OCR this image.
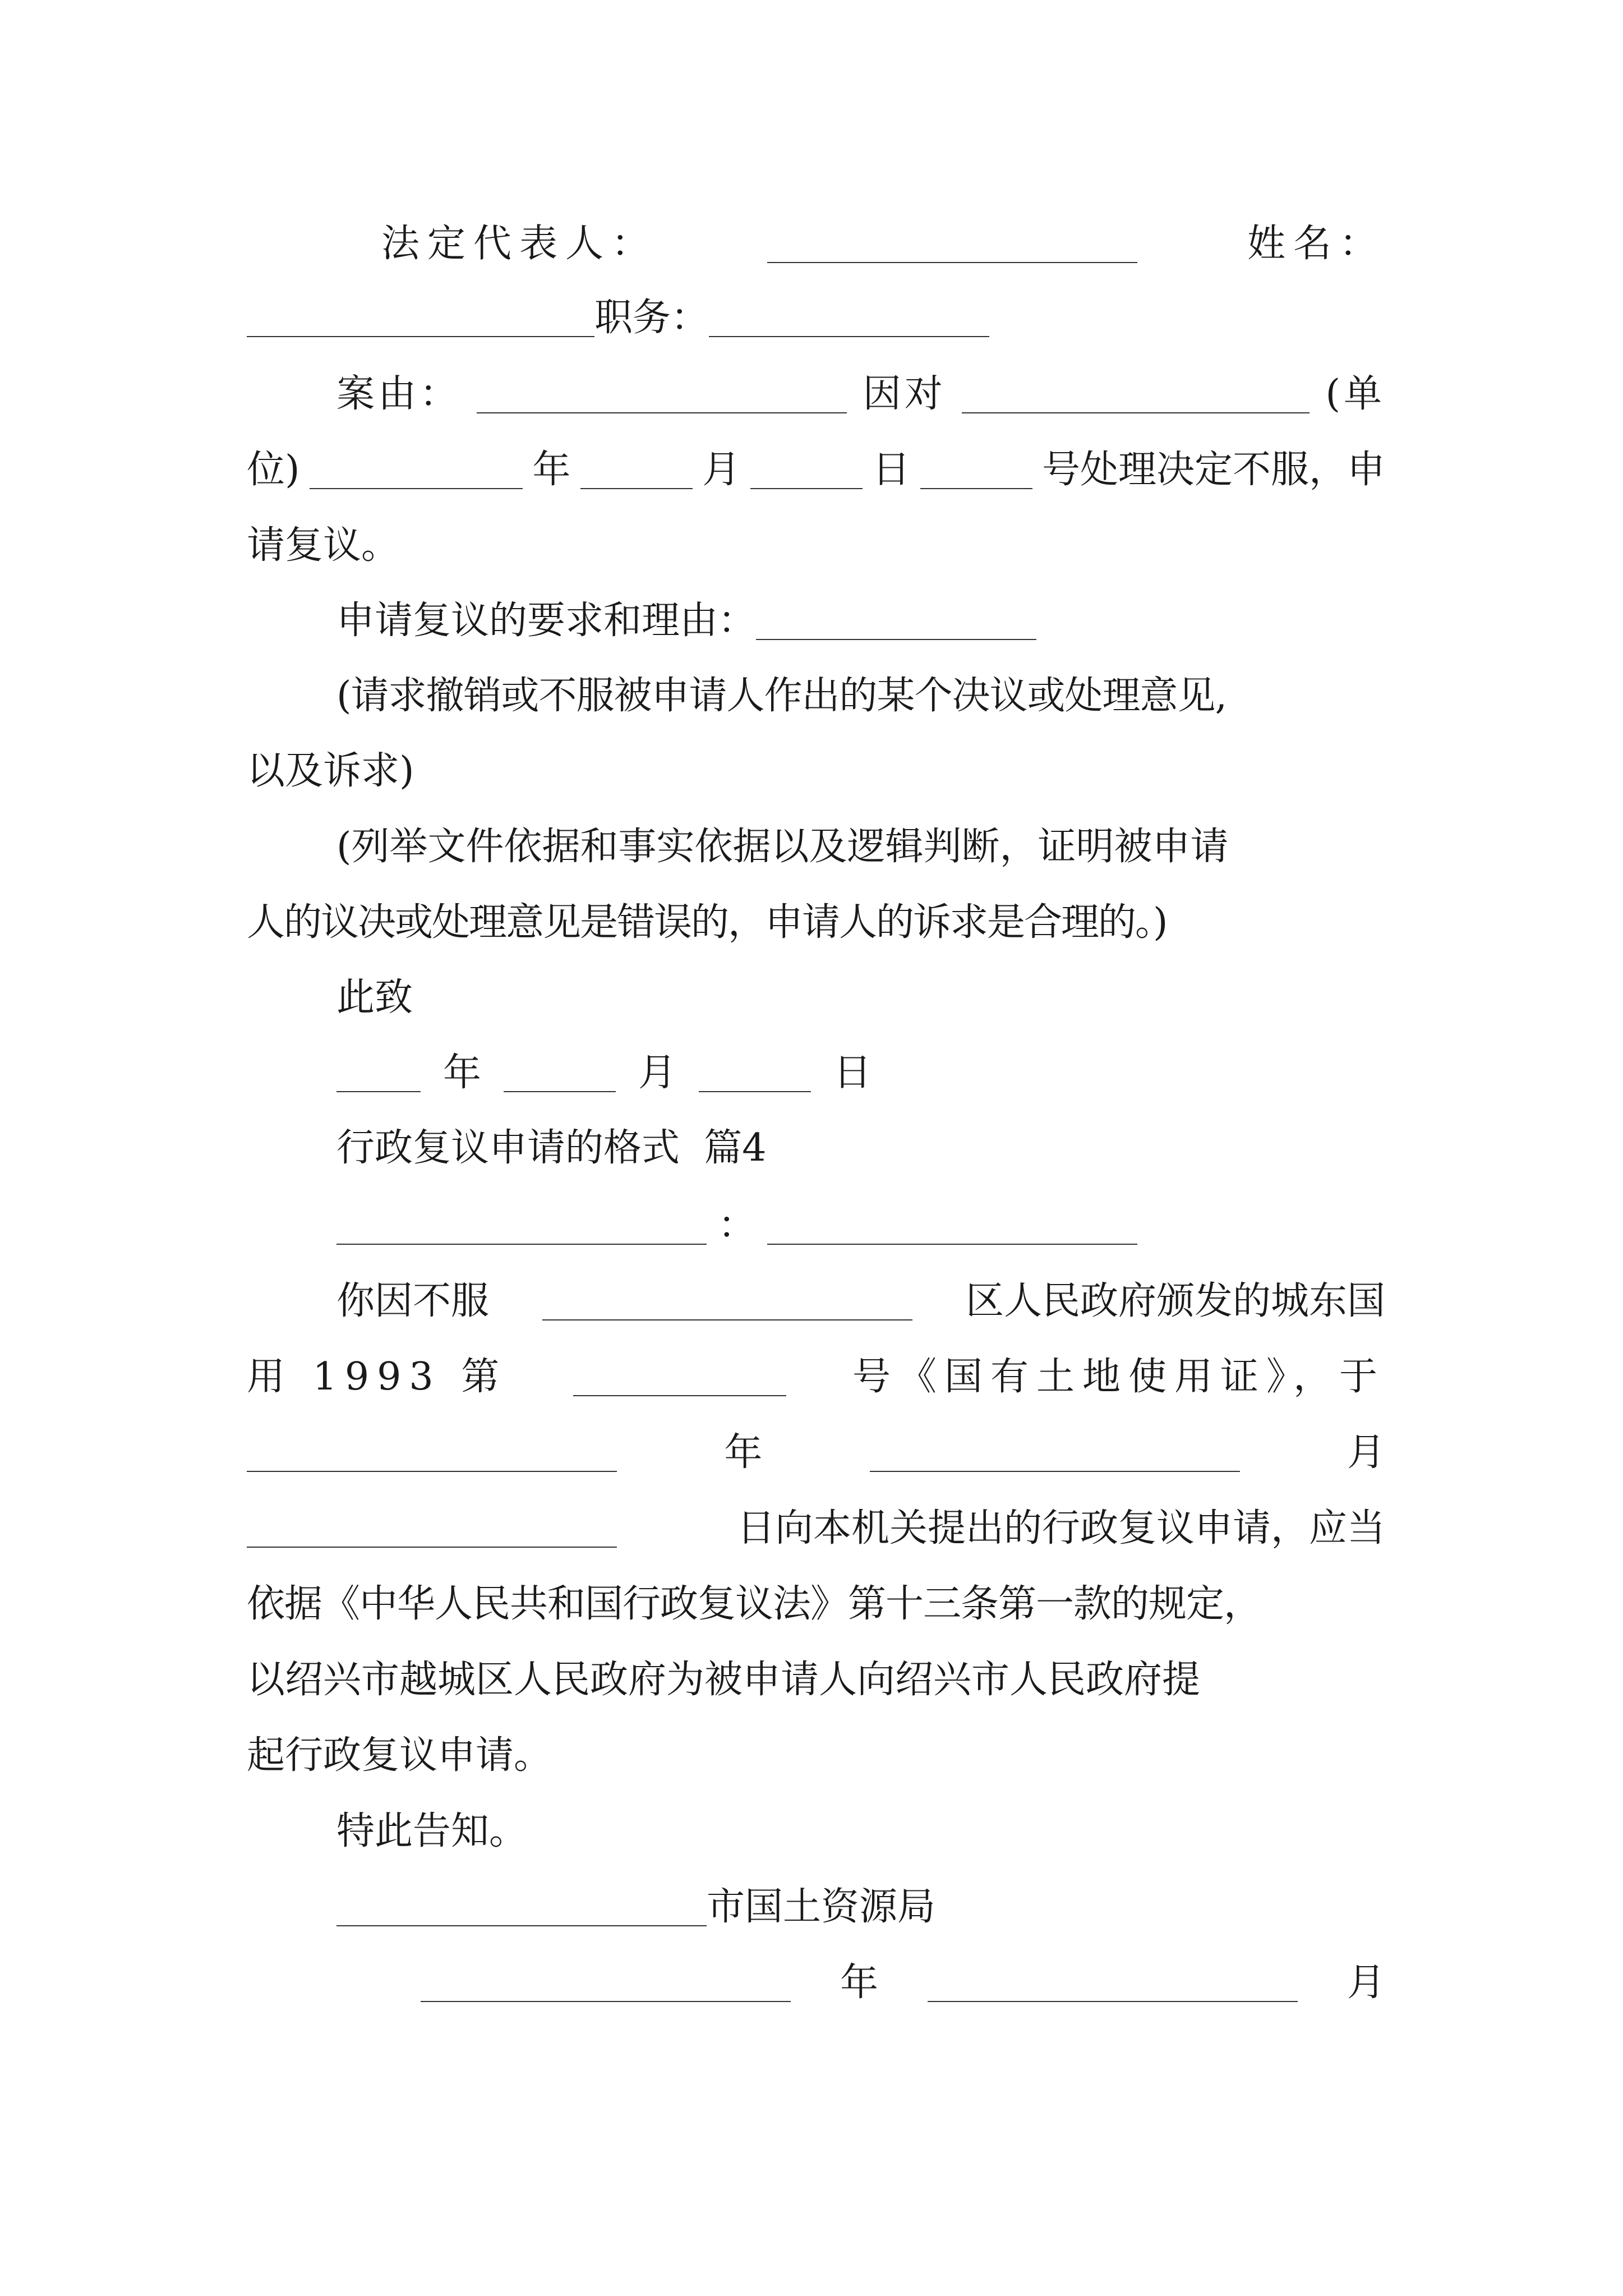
法定代表人：	姓名：
职务：
案由：	因对	(单
位)	年	月	日	号处理决定不服，申
请复议。
申请复议的要求和理由：
(请求撤销或不服被申请人作出的某个决议或处理意见,
以及诉求)
(列举文件依据和事实依据以及逻辑判断，证明被申请
人的议决或处理意见是错误的，申请人的诉求是合理的。)
此致
年	月	日
行政复议申请的格式  篇4
：
你因不服	区人民政府颁发的城东国
用 1993 第	号《国有土地使用证》，于
年	月
日向本机关提出的行政复议申请，应当
依据《中华人民共和国行政复议法》第十三条第一款的规定，
以绍兴市越城区人民政府为被申请人向绍兴市人民政府提
起行政复议申请。
特此告知。
市国土资源局
年	月
